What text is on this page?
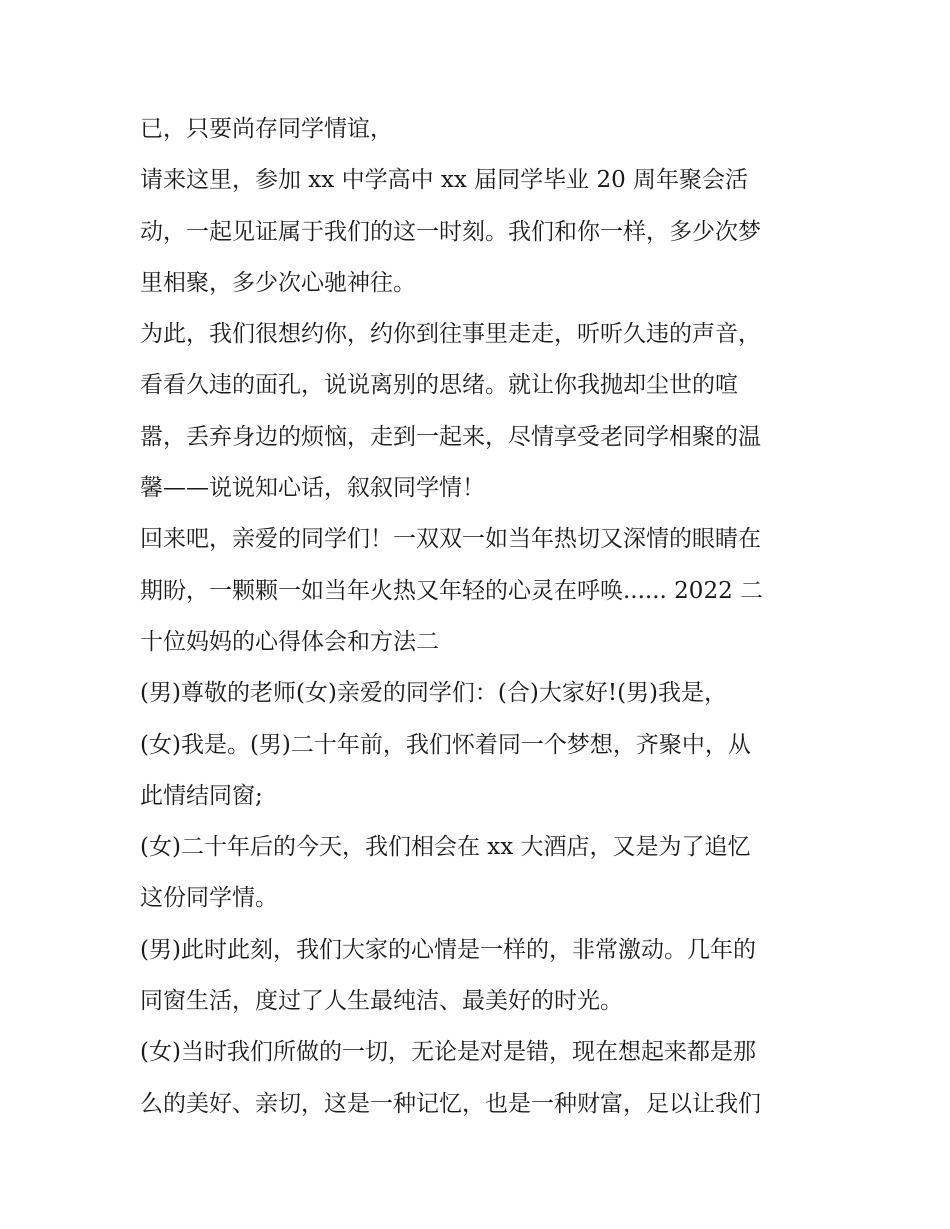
已，只要尚存同学情谊，
请来这里，参加 xx 中学高中 xx 届同学毕业 20 周年聚会活
动，一起见证属于我们的这一时刻。我们和你一样，多少次梦
里相聚，多少次心驰神往。
为此，我们很想约你，约你到往事里走走，听听久违的声音，
看看久违的面孔，说说离别的思绪。就让你我抛却尘世的喧
嚣，丢弃身边的烦恼，走到一起来，尽情享受老同学相聚的温
馨——说说知心话，叙叙同学情！
回来吧，亲爱的同学们！一双双一如当年热切又深情的眼睛在
期盼，一颗颗一如当年火热又年轻的心灵在呼唤...... 2022 二
十位妈妈的心得体会和方法二
(男)尊敬的老师(女)亲爱的同学们：(合)大家好!(男)我是，
(女)我是。(男)二十年前，我们怀着同一个梦想，齐聚中，从
此情结同窗;
(女)二十年后的今天，我们相会在 xx 大酒店，又是为了追忆
这份同学情。
(男)此时此刻，我们大家的心情是一样的，非常激动。几年的
同窗生活，度过了人生最纯洁、最美好的时光。
(女)当时我们所做的一切，无论是对是错，现在想起来都是那
么的美好、亲切，这是一种记忆，也是一种财富，足以让我们
